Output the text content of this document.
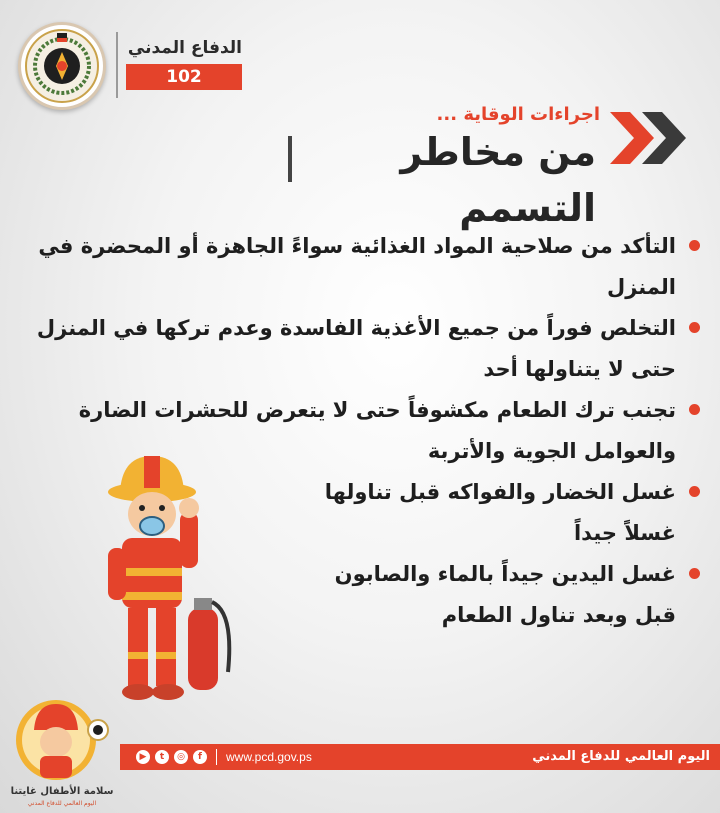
الدفاع المدني
102
اجراءات الوقاية ...
من مخاطر التسمم
التأكد من صلاحية المواد الغذائية سواءً الجاهزة أو المحضرة في المنزل
التخلص فوراً من جميع الأغذية الفاسدة وعدم تركها في المنزل حتى لا يتناولها أحد
تجنب ترك الطعام مكشوفاً حتى لا يتعرض للحشرات الضارة والعوامل الجوية والأتربة
غسل الخضار والفواكه قبل تناولها غسلاً جيداً
غسل اليدين جيداً بالماء والصابون قبل وبعد تناول الطعام
▶	t	◎	f	www.pcd.gov.ps	اليوم العالمي للدفاع المدني
سلامة الأطفال غايتنا
اليوم العالمي للدفاع المدني
